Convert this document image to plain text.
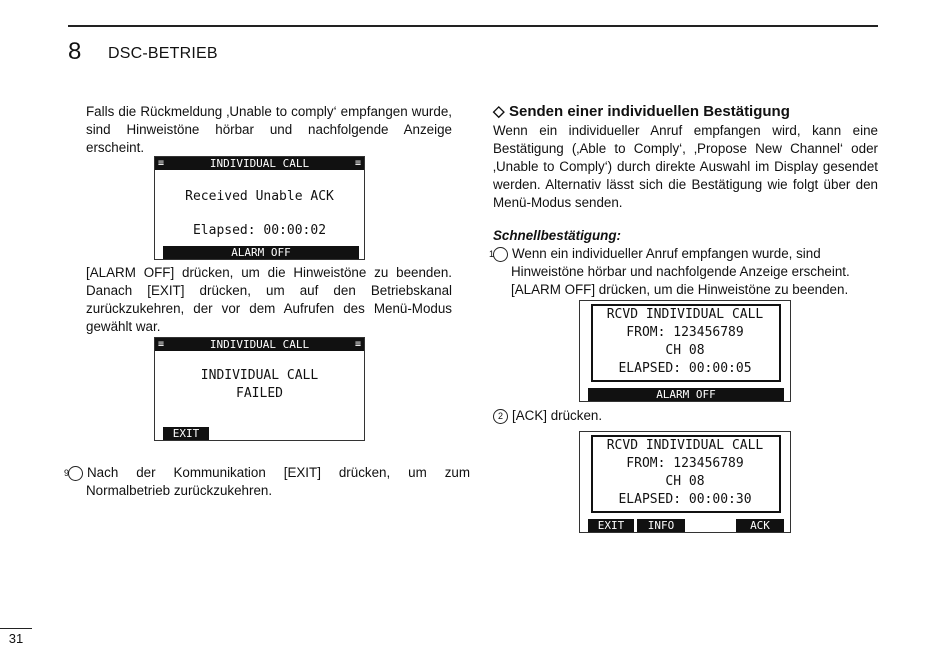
8 DSC-BETRIEB
Falls die Rückmeldung ‚Unable to comply‘ empfangen wurde, sind Hinweistöne hörbar und nachfolgende Anzeige erscheint.
≡	INDIVIDUAL CALL	≡
Received Unable ACK
Elapsed: 00:00:02
ALARM OFF
[ALARM OFF] drücken, um die Hinweistöne zu beenden. Danach [EXIT] drücken, um auf den Betriebskanal zurückzukehren, der vor dem Aufrufen des Menü-Modus gewählt war.
≡	INDIVIDUAL CALL	≡
INDIVIDUAL CALL
FAILED
EXIT
9 Nach der Kommunikation [EXIT] drücken, um zum Normalbetrieb zurückzukehren.
◇ Senden einer individuellen Bestätigung
Wenn ein individueller Anruf empfangen wird, kann eine Bestätigung (‚Able to Comply‘, ‚Propose New Channel‘ oder ‚Unable to Comply‘) durch direkte Auswahl im Display gesendet werden. Alternativ lässt sich die Bestätigung wie folgt über den Menü-Modus senden.
Schnellbestätigung:
1 Wenn ein individueller Anruf empfangen wurde, sind Hinweistöne hörbar und nachfolgende Anzeige erscheint. [ALARM OFF] drücken, um die Hinweistöne zu beenden.
RCVD INDIVIDUAL CALL
FROM: 123456789
CH 08
ELAPSED: 00:00:05
ALARM OFF
2 [ACK] drücken.
RCVD INDIVIDUAL CALL
FROM: 123456789
CH 08
ELAPSED: 00:00:30
EXIT	INFO	ACK
31
